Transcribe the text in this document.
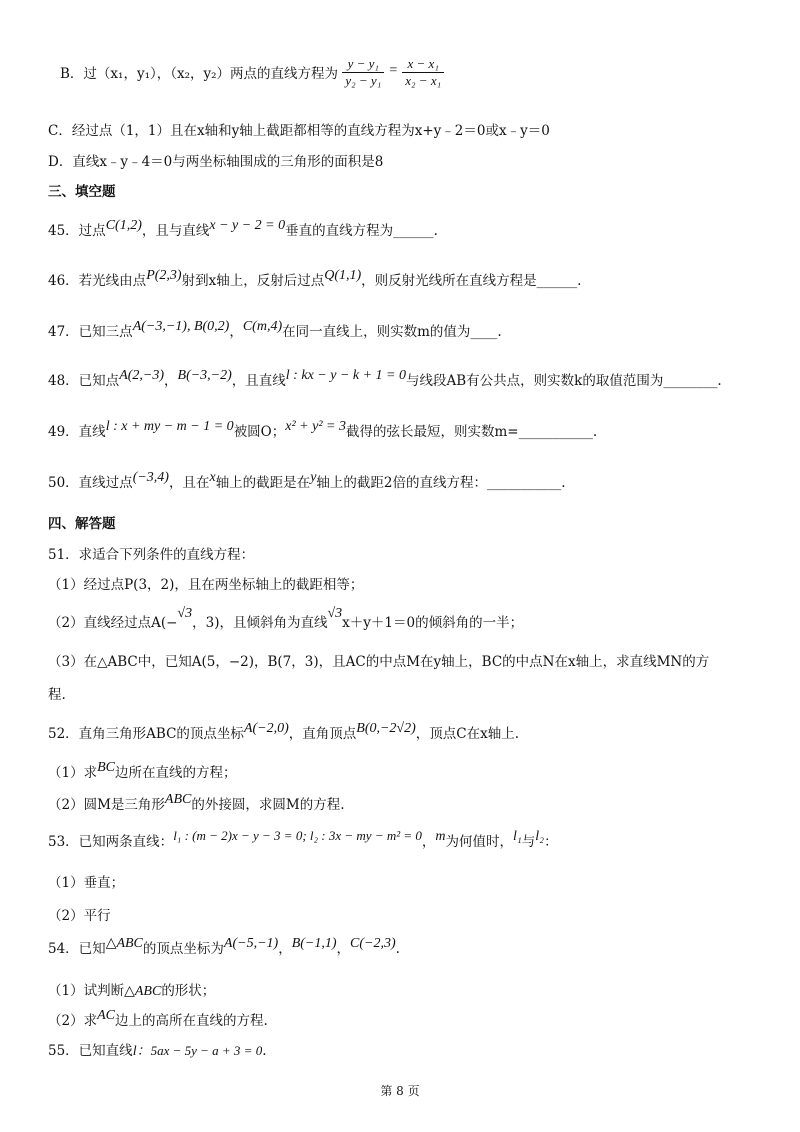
B．过（x₁，y₁），（x₂，y₂）两点的直线方程为 $\frac{\text{y − y₁}}{\text{y₂ − y₁}} = \frac{\text{x − x₁}}{\text{x₂ − x₁}}$
C．经过点（1，1）且在x轴和y轴上截距都相等的直线方程为x+y﹣2＝0或x﹣y＝0
D．直线x﹣y﹣4＝0与两坐标轴围成的三角形的面积是8
三、填空题
45．过点C(1,2)，且与直线x − y − 2 = 0垂直的直线方程为______.
46．若光线由点P(2,3)射到x轴上，反射后过点Q(1,1)，则反射光线所在直线方程是______.
47．已知三点A(−3,−1), B(0,2)，C(m,4)在同一直线上，则实数m的值为____.
48．已知点A(2,−3)，B(−3,−2)，且直线l : kx − y − k + 1 = 0与线段AB有公共点，则实数k的取值范围为________.
49．直线l : x + my − m − 1 = 0被圆O；x² + y² = 3截得的弦长最短，则实数m=___________.
50．直线过点(−3,4)，且在x轴上的截距是在y轴上的截距2倍的直线方程：___________.
四、解答题
51．求适合下列条件的直线方程：
（1）经过点P(3，2)，且在两坐标轴上的截距相等；
（2）直线经过点A(−√3，3)，且倾斜角为直线√3x＋y＋1＝0的倾斜角的一半；
（3）在△ABC中，已知A(5，−2)，B(7，3)，且AC的中点M在y轴上，BC的中点N在x轴上，求直线MN的方
程.
52．直角三角形ABC的顶点坐标A(−2,0)，直角顶点B(0,−2√2)，顶点C在x轴上.
（1）求BC边所在直线的方程；
（2）圆M是三角形ABC的外接圆，求圆M的方程.
53．已知两条直线：l₁ : (m − 2)x − y − 3 = 0; l₂ : 3x − my − m² = 0，m为何值时，l₁与l₂：
（1）垂直；
（2）平行
54．已知△ABC的顶点坐标为A(−5,−1)，B(−1,1)，C(−2,3).
（1）试判断△ABC的形状；
（2）求AC边上的高所在直线的方程.
55．已知直线l：5ax − 5y − a + 3 = 0.
第 8 页
